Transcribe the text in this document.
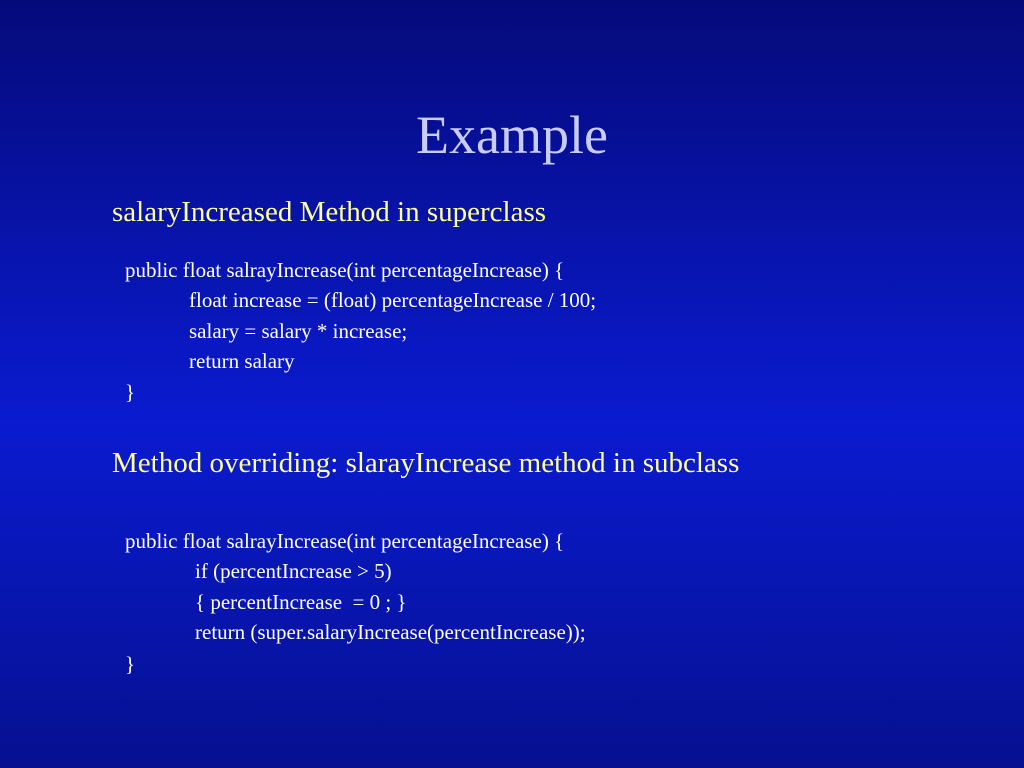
Example
salaryIncreased Method in superclass
public float salrayIncrease(int percentageIncrease) {
float increase = (float) percentageIncrease / 100;
salary = salary * increase;
return salary
}
Method overriding: slarayIncrease method in subclass
public float salrayIncrease(int percentageIncrease) {
if (percentIncrease > 5)
{ percentIncrease  = 0 ; }
return (super.salaryIncrease(percentIncrease));
}
